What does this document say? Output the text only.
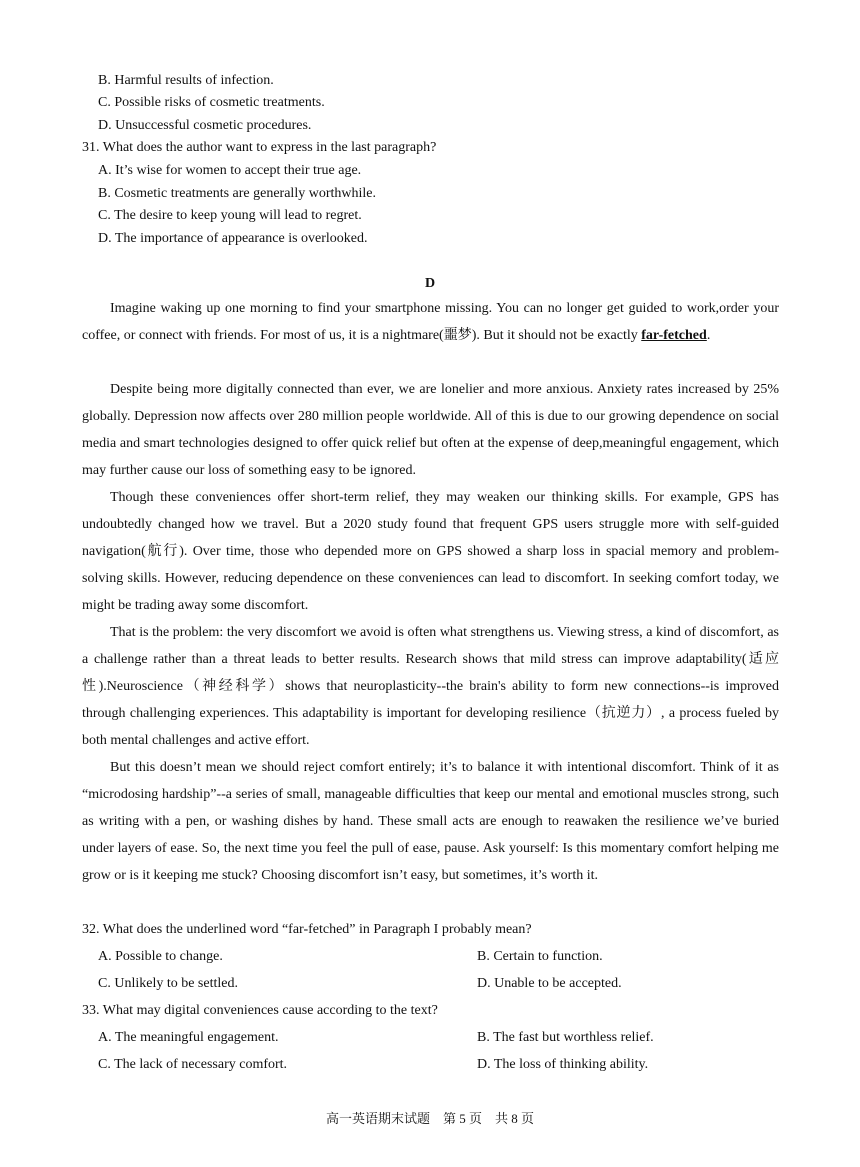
B. Harmful results of infection.
C. Possible risks of cosmetic treatments.
D. Unsuccessful cosmetic procedures.
31. What does the author want to express in the last paragraph?
A. It’s wise for women to accept their true age.
B. Cosmetic treatments are generally worthwhile.
C. The desire to keep young will lead to regret.
D. The importance of appearance is overlooked.
D

Imagine waking up one morning to find your smartphone missing. You can no longer get guided to work,order your coffee, or connect with friends. For most of us, it is a nightmare(噩梦). But it should not be exactly far-fetched.

Despite being more digitally connected than ever, we are lonelier and more anxious. Anxiety rates increased by 25% globally. Depression now affects over 280 million people worldwide. All of this is due to our growing dependence on social media and smart technologies designed to offer quick relief but often at the expense of deep,meaningful engagement, which may further cause our loss of something easy to be ignored.

Though these conveniences offer short-term relief, they may weaken our thinking skills. For example, GPS has undoubtedly changed how we travel. But a 2020 study found that frequent GPS users struggle more with self-guided navigation(航行). Over time, those who depended more on GPS showed a sharp loss in spacial memory and problem-solving skills. However, reducing dependence on these conveniences can lead to discomfort. In seeking comfort today, we might be trading away some discomfort.

That is the problem: the very discomfort we avoid is often what strengthens us. Viewing stress, a kind of discomfort, as a challenge rather than a threat leads to better results. Research shows that mild stress can improve adaptability(适应性).Neuroscience（神经科学）shows that neuroplasticity--the brain's ability to form new connections--is improved through challenging experiences. This adaptability is important for developing resilience（抗逆力）, a process fueled by both mental challenges and active effort.

But this doesn’t mean we should reject comfort entirely; it’s to balance it with intentional discomfort. Think of it as “microdosing hardship”--a series of small, manageable difficulties that keep our mental and emotional muscles strong, such as writing with a pen, or washing dishes by hand. These small acts are enough to reawaken the resilience we’ve buried under layers of ease. So, the next time you feel the pull of ease, pause. Ask yourself: Is this momentary comfort helping me grow or is it keeping me stuck? Choosing discomfort isn’t easy, but sometimes, it’s worth it.

32. What does the underlined word “far-fetched” in Paragraph I probably mean?
A. Possible to change.	B. Certain to function.
C. Unlikely to be settled.	D. Unable to be accepted.
33. What may digital conveniences cause according to the text?
A. The meaningful engagement.	B. The fast but worthless relief.
C. The lack of necessary comfort.	D. The loss of thinking ability.
高一英语期末试题　第 5 页　共 8 页
